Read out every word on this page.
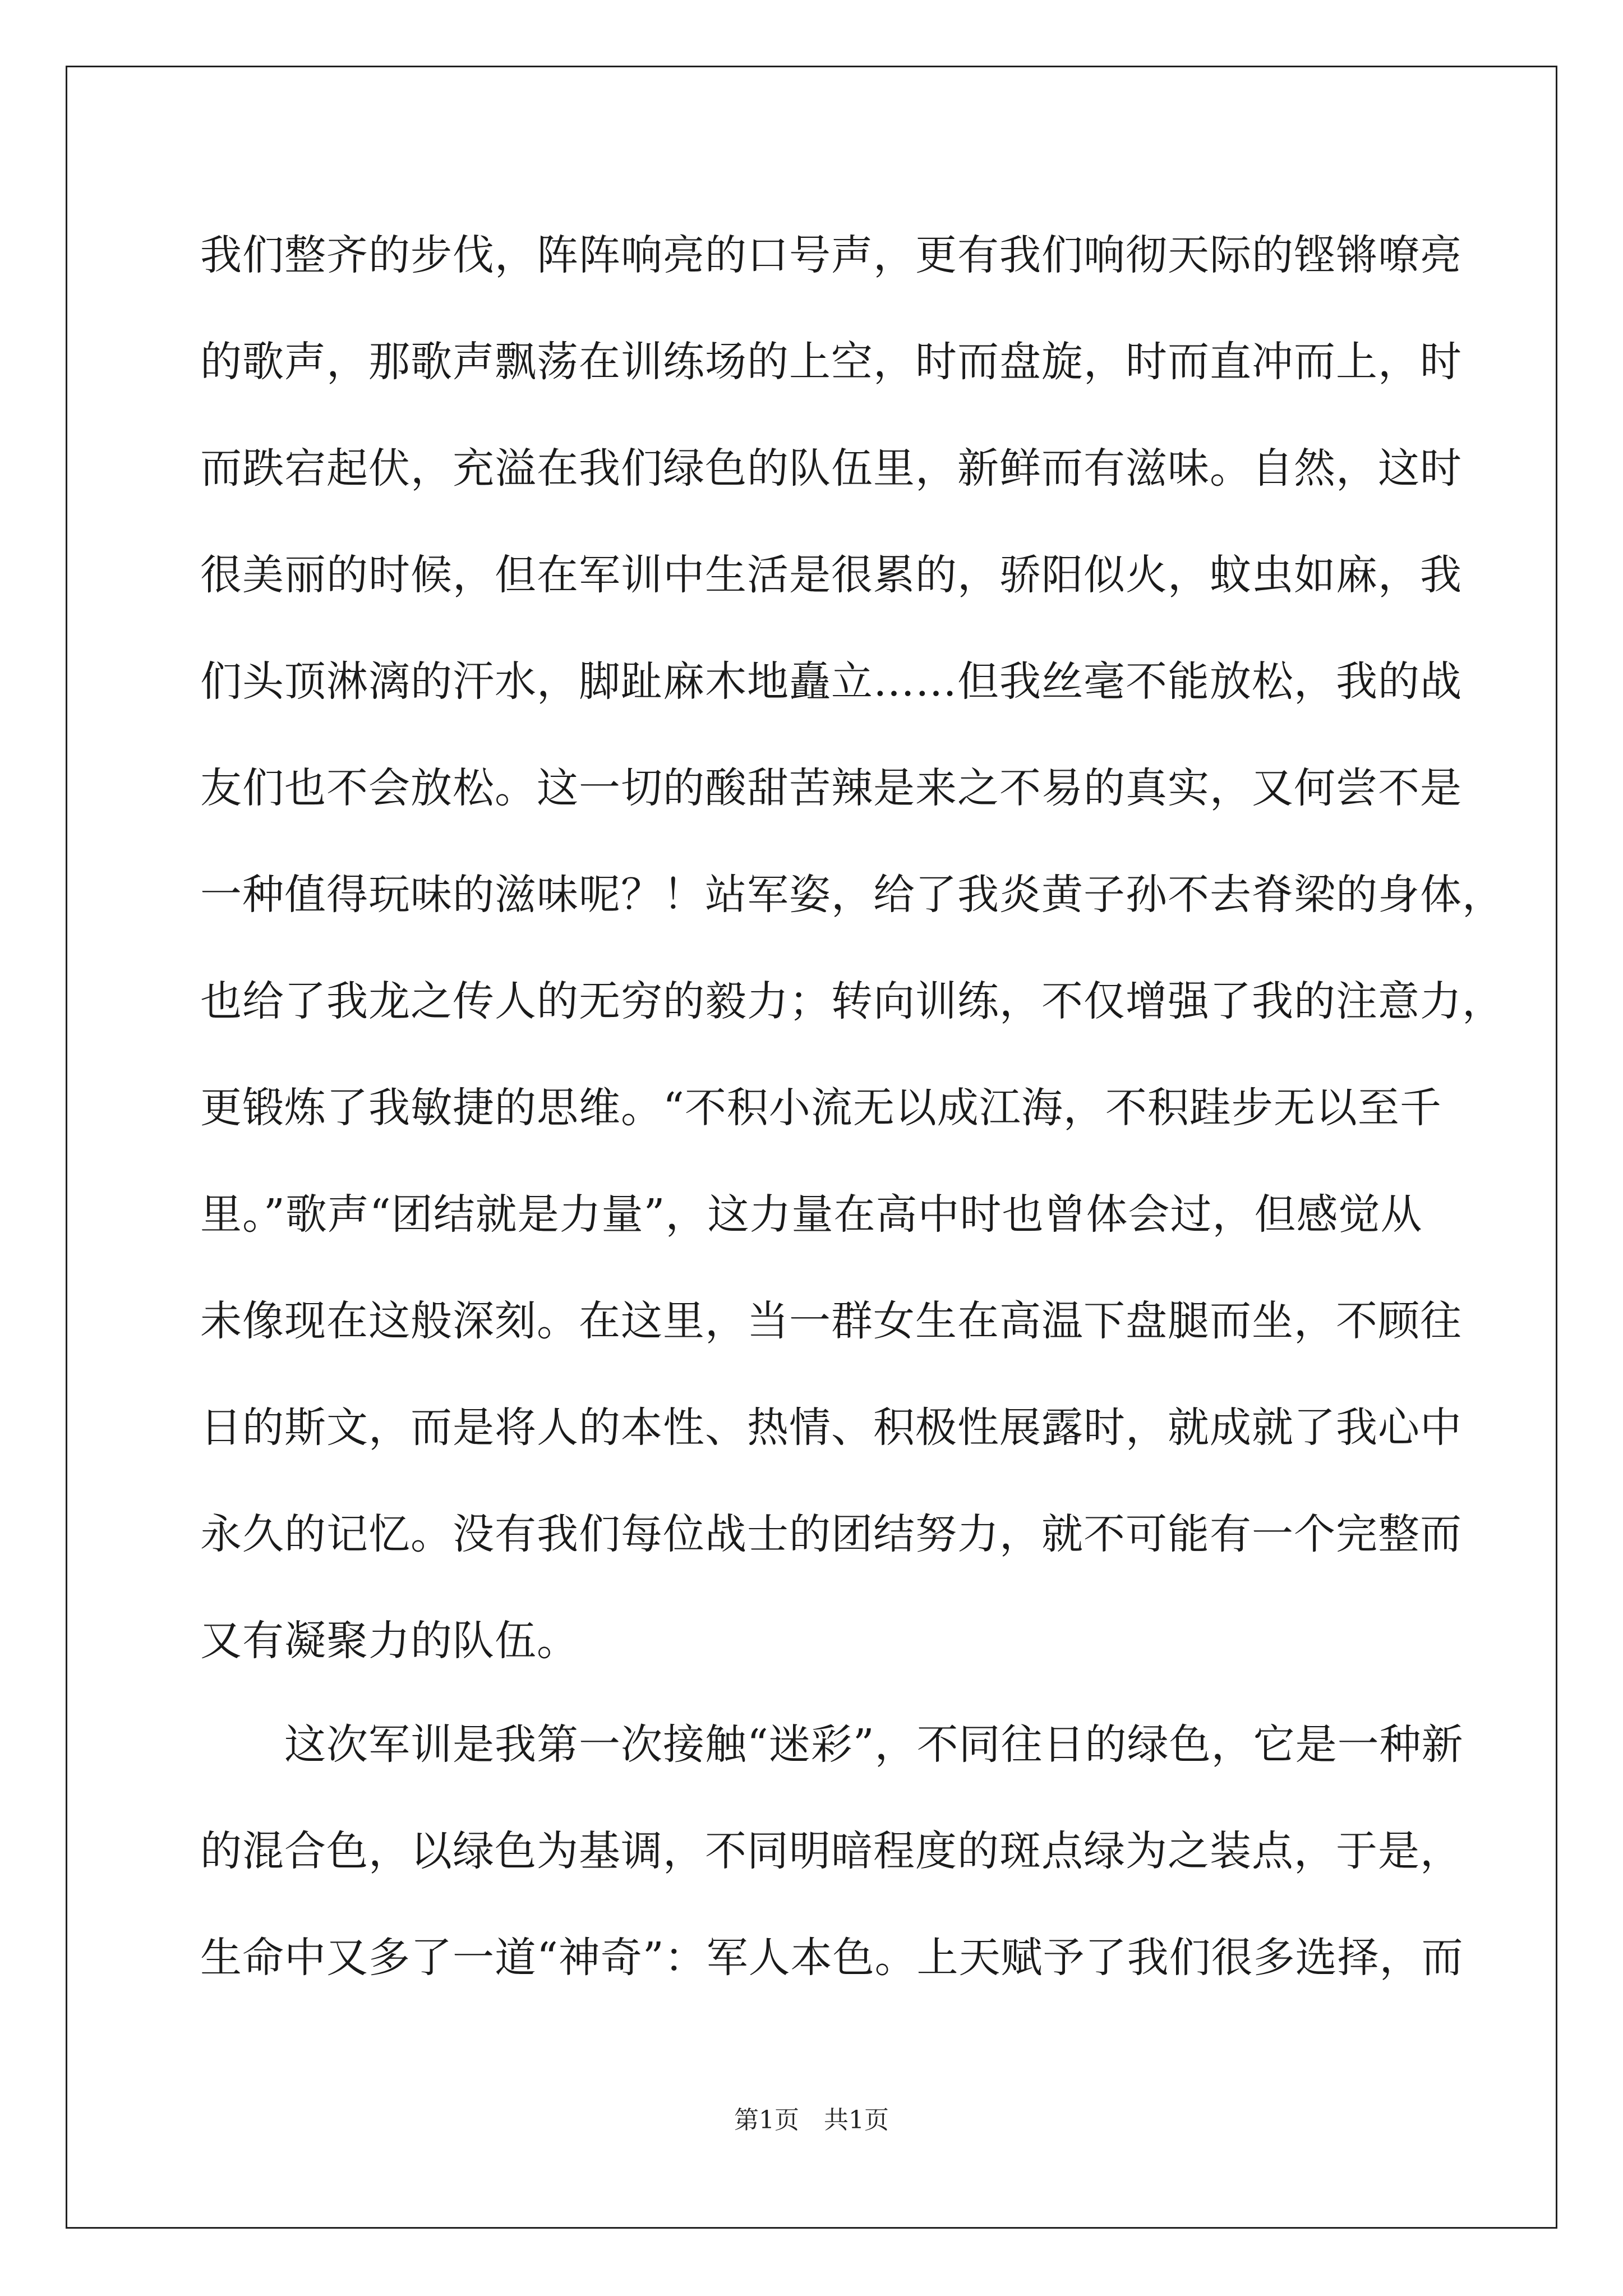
我们整齐的步伐，阵阵响亮的口号声，更有我们响彻天际的铿锵嘹亮
的歌声，那歌声飘荡在训练场的上空，时而盘旋，时而直冲而上，时
而跌宕起伏，充溢在我们绿色的队伍里，新鲜而有滋味。自然，这时
很美丽的时候，但在军训中生活是很累的，骄阳似火，蚊虫如麻，我
们头顶淋漓的汗水，脚趾麻木地矗立……但我丝毫不能放松，我的战
友们也不会放松。这一切的酸甜苦辣是来之不易的真实，又何尝不是
一种值得玩味的滋味呢？！站军姿，给了我炎黄子孙不去脊梁的身体，
也给了我龙之传人的无穷的毅力；转向训练，不仅增强了我的注意力，
更锻炼了我敏捷的思维。“不积小流无以成江海，不积跬步无以至千
里。”歌声“团结就是力量”，这力量在高中时也曾体会过，但感觉从
未像现在这般深刻。在这里，当一群女生在高温下盘腿而坐，不顾往
日的斯文，而是将人的本性、热情、积极性展露时，就成就了我心中
永久的记忆。没有我们每位战士的团结努力，就不可能有一个完整而
又有凝聚力的队伍。
　　这次军训是我第一次接触“迷彩”，不同往日的绿色，它是一种新
的混合色，以绿色为基调，不同明暗程度的斑点绿为之装点，于是，
生命中又多了一道“神奇”：军人本色。上天赋予了我们很多选择，而
第1页　共1页
